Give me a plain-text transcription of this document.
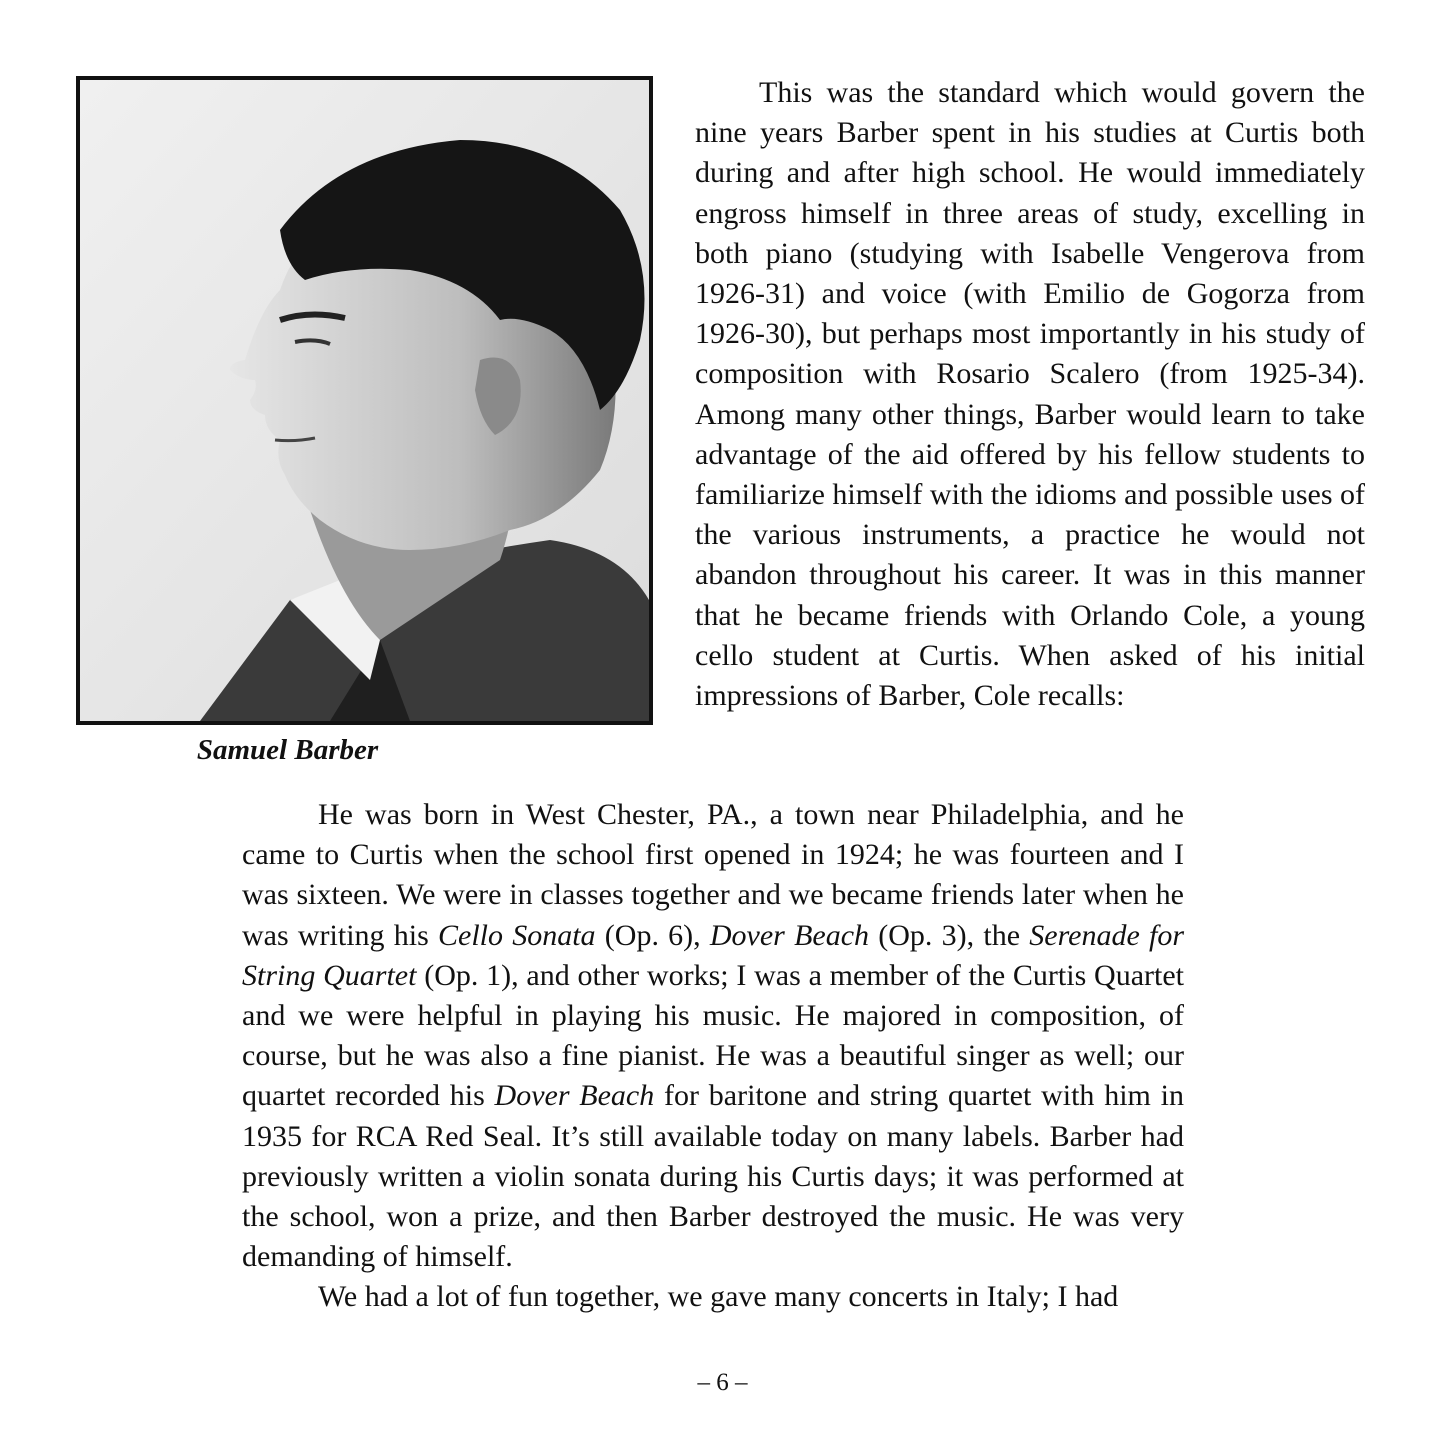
Samuel Barber

This was the standard which would govern the nine years Barber spent in his studies at Curtis both during and after high school. He would immediately engross himself in three areas of study, excelling in both piano (studying with Isabelle Vengerova from 1926-31) and voice (with Emilio de Gogorza from 1926-30), but perhaps most importantly in his study of composition with Rosario Scalero (from 1925-34). Among many other things, Barber would learn to take advantage of the aid offered by his fellow students to familiarize himself with the idioms and possible uses of the various instruments, a practice he would not abandon throughout his career. It was in this manner that he became friends with Orlando Cole, a young cello student at Curtis. When asked of his initial impressions of Barber, Cole recalls:

He was born in West Chester, PA., a town near Philadelphia, and he came to Curtis when the school first opened in 1924; he was fourteen and I was sixteen. We were in classes together and we became friends later when he was writing his Cello Sonata (Op. 6), Dover Beach (Op. 3), the Serenade for String Quartet (Op. 1), and other works; I was a member of the Curtis Quartet and we were helpful in playing his music. He majored in composition, of course, but he was also a fine pianist. He was a beautiful singer as well; our quartet recorded his Dover Beach for baritone and string quartet with him in 1935 for RCA Red Seal. It’s still available today on many labels. Barber had previously written a violin sonata during his Curtis days; it was performed at the school, won a prize, and then Barber destroyed the music. He was very demanding of himself.

We had a lot of fun together, we gave many concerts in Italy; I had

– 6 –
